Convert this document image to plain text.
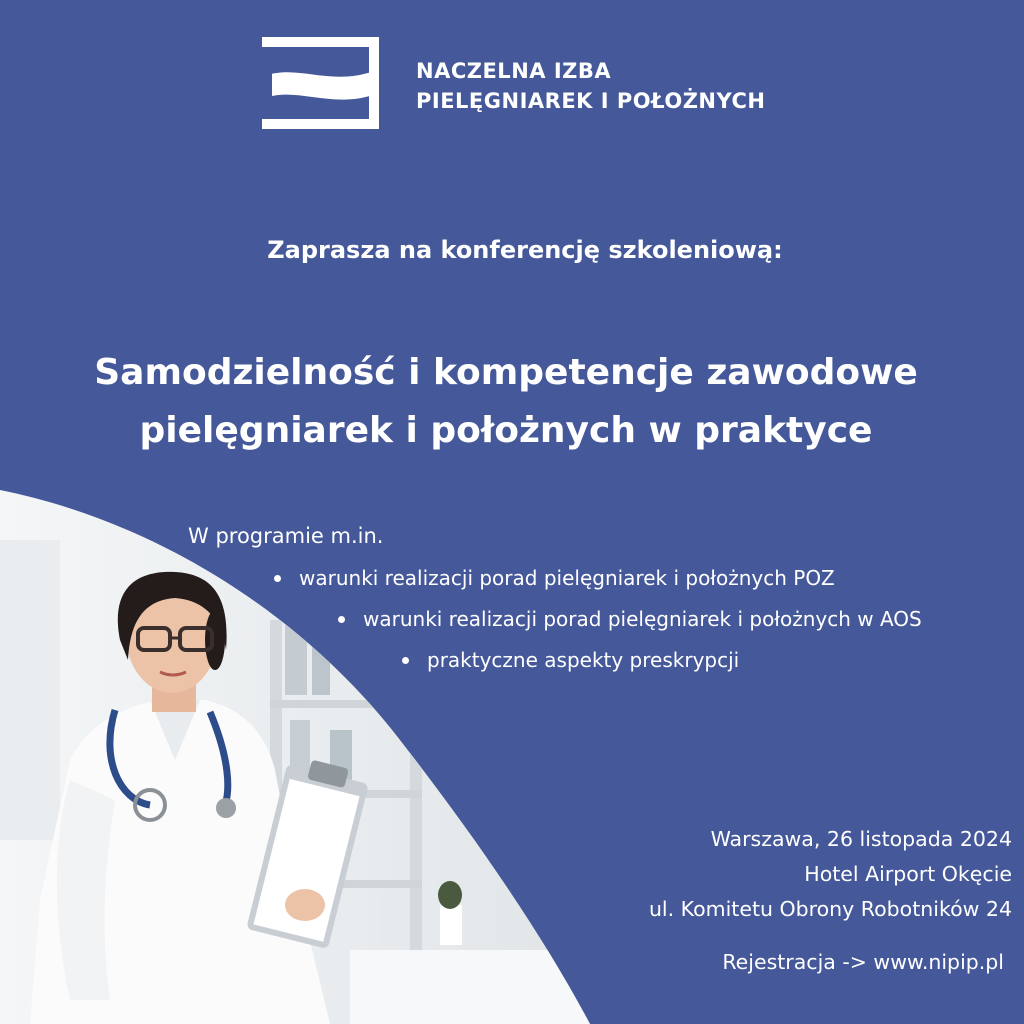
NACZELNA IZBA
PIELĘGNIAREK I POŁOŻNYCH
Zaprasza na konferencję szkoleniową:
Samodzielność i kompetencje zawodowe
pielęgniarek i położnych w praktyce
W programie m.in.
warunki realizacji porad pielęgniarek i położnych POZ
warunki realizacji porad pielęgniarek i położnych w AOS
praktyczne aspekty preskrypcji
Warszawa, 26 listopada 2024
Hotel Airport Okęcie
ul. Komitetu Obrony Robotników 24
Rejestracja -> www.nipip.pl
